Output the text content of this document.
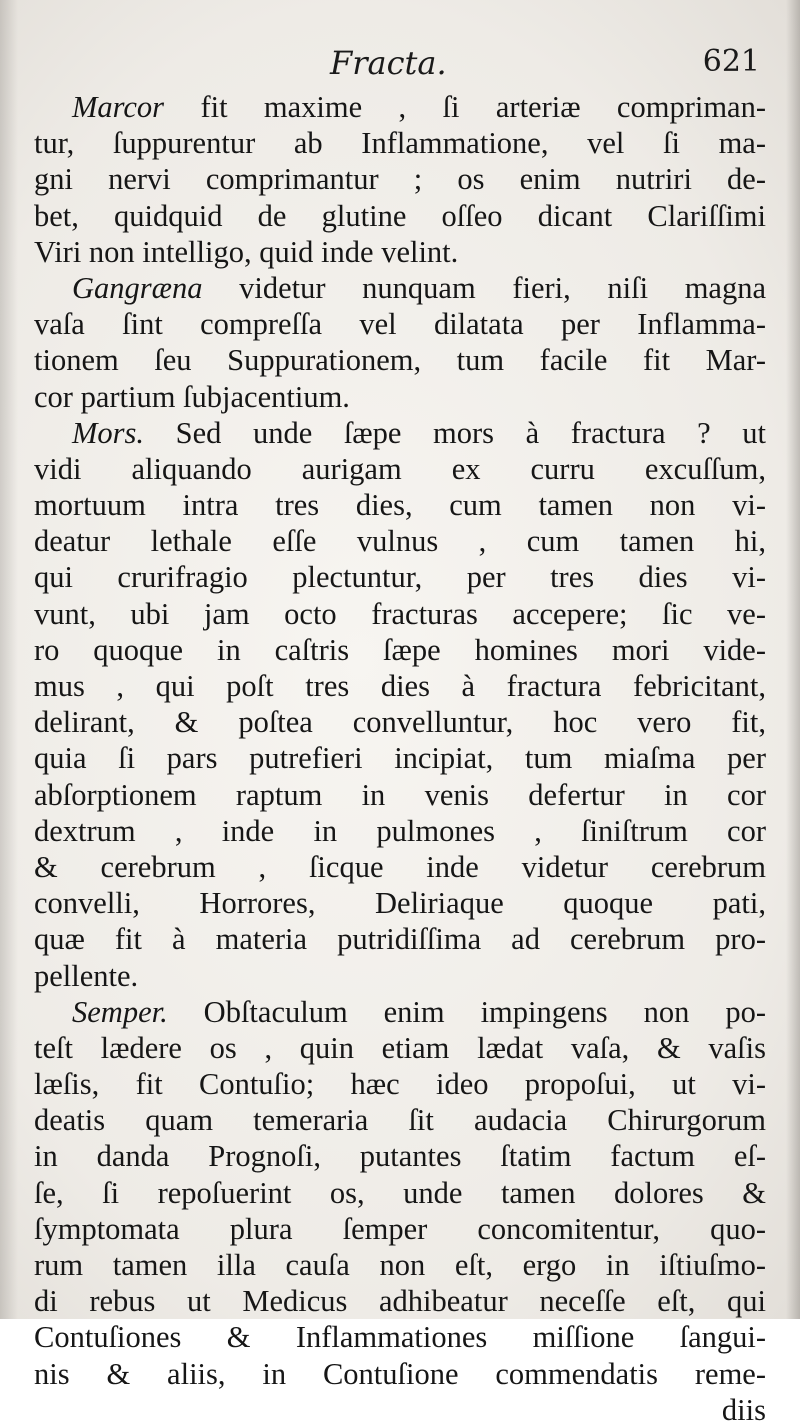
Fracta.	621
Marcor fit maxime , ſi arteriæ compriman-
tur, ſuppurentur ab Inflammatione, vel ſi ma-
gni nervi comprimantur ; os enim nutriri de-
bet, quidquid de glutine oſſeo dicant Clariſſimi
Viri non intelligo, quid inde velint.
Gangræna videtur nunquam fieri, niſi magna
vaſa ſint compreſſa vel dilatata per Inflamma-
tionem ſeu Suppurationem, tum facile fit Mar-
cor partium ſubjacentium.
Mors. Sed unde ſæpe mors à fractura ? ut
vidi aliquando aurigam ex curru excuſſum,
mortuum intra tres dies, cum tamen non vi-
deatur lethale eſſe vulnus , cum tamen hi,
qui crurifragio plectuntur, per tres dies vi-
vunt, ubi jam octo fracturas accepere; ſic ve-
ro quoque in caſtris ſæpe homines mori vide-
mus , qui poſt tres dies à fractura febricitant,
delirant, & poſtea convelluntur, hoc vero fit,
quia ſi pars putrefieri incipiat, tum miaſma per
abſorptionem raptum in venis defertur in cor
dextrum , inde in pulmones , ſiniſtrum cor
& cerebrum , ſicque inde videtur cerebrum
convelli, Horrores, Deliriaque quoque pati,
quæ fit à materia putridiſſima ad cerebrum pro-
pellente.
Semper. Obſtaculum enim impingens non po-
teſt lædere os , quin etiam lædat vaſa, & vaſis
læſis, fit Contuſio; hæc ideo propoſui, ut vi-
deatis quam temeraria ſit audacia Chirurgorum
in danda Prognoſi, putantes ſtatim factum eſ-
ſe, ſi repoſuerint os, unde tamen dolores &
ſymptomata plura ſemper concomitentur, quo-
rum tamen illa cauſa non eſt, ergo in iſtiuſmo-
di rebus ut Medicus adhibeatur neceſſe eſt, qui
Contuſiones & Inflammationes miſſione ſangui-
nis & aliis, in Contuſione commendatis reme-
diis
